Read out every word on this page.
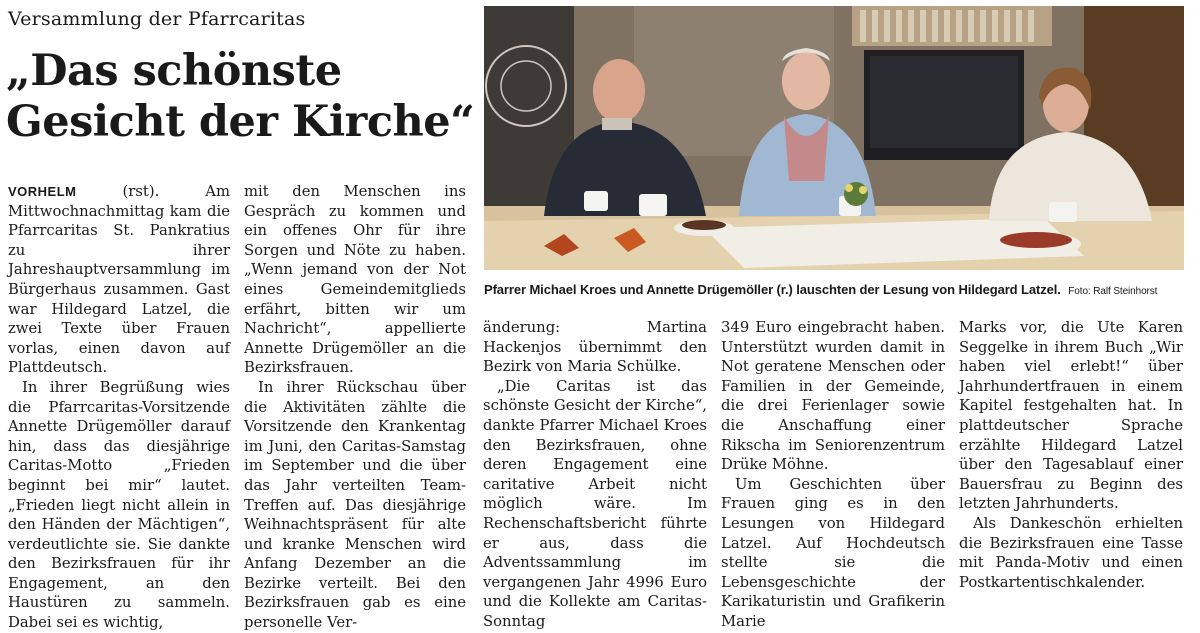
Versammlung der Pfarrcaritas
„Das schönste
Gesicht der Kirche“
Pfarrer Michael Kroes und Annette Drügemöller (r.) lauschten der Lesung von Hildegard Latzel. Foto: Ralf Steinhorst

VORHELM	(rst).	Am Mittwochnachmittag kam die Pfarrcaritas St. Pankratius zu ihrer Jahreshauptversammlung im Bürgerhaus zusammen. Gast war Hildegard Latzel, die zwei Texte über Frauen vorlas, einen davon auf Plattdeutsch.

In ihrer Begrüßung wies die Pfarrcaritas-Vorsitzende Annette Drügemöller darauf hin, dass das diesjährige Caritas-Motto „Frieden beginnt bei mir“ lautet. „Frieden liegt nicht allein in den Händen der Mächtigen“, verdeutlichte sie. Sie dankte den Bezirksfrauen für ihr Engagement, an den Haustüren zu sammeln. Dabei sei es wichtig,

mit den Menschen ins Gespräch zu kommen und ein offenes Ohr für ihre Sorgen und Nöte zu haben. „Wenn jemand von der Not eines Gemeindemitglieds erfährt, bitten wir um Nachricht“, appellierte Annette Drügemöller an die Bezirksfrauen.

In ihrer Rückschau über die Aktivitäten zählte die Vorsitzende den Krankentag im Juni, den Caritas-Samstag im September und die über das Jahr verteilten Team-Treffen auf. Das diesjährige Weihnachtspräsent für alte und kranke Menschen wird Anfang Dezember an die Bezirke verteilt. Bei den Bezirksfrauen gab es eine personelle Ver-

änderung: Martina Hackenjos übernimmt den Bezirk von Maria Schülke.

„Die Caritas ist das schönste Gesicht der Kirche“, dankte Pfarrer Michael Kroes den Bezirksfrauen, ohne deren Engagement eine caritative Arbeit nicht möglich wäre. Im Rechenschaftsbericht führte er aus, dass die Adventssammlung im vergangenen Jahr 4996 Euro und die Kollekte am Caritas-Sonntag

349 Euro eingebracht haben. Unterstützt wurden damit in Not geratene Menschen oder Familien in der Gemeinde, die drei Ferienlager sowie die Anschaffung einer Rikscha im Seniorenzentrum Drüke Möhne.

Um Geschichten über Frauen ging es in den Lesungen von Hildegard Latzel. Auf Hochdeutsch stellte sie die Lebensgeschichte der Karikaturistin und Grafikerin Marie

Marks vor, die Ute Karen Seggelke in ihrem Buch „Wir haben viel erlebt!“ über Jahrhundertfrauen in einem Kapitel festgehalten hat. In plattdeutscher Sprache erzählte Hildegard Latzel über den Tagesablauf einer Bauersfrau zu Beginn des letzten Jahrhunderts.

Als Dankeschön erhielten die Bezirksfrauen eine Tasse mit Panda-Motiv und einen Postkartentischkalender.
